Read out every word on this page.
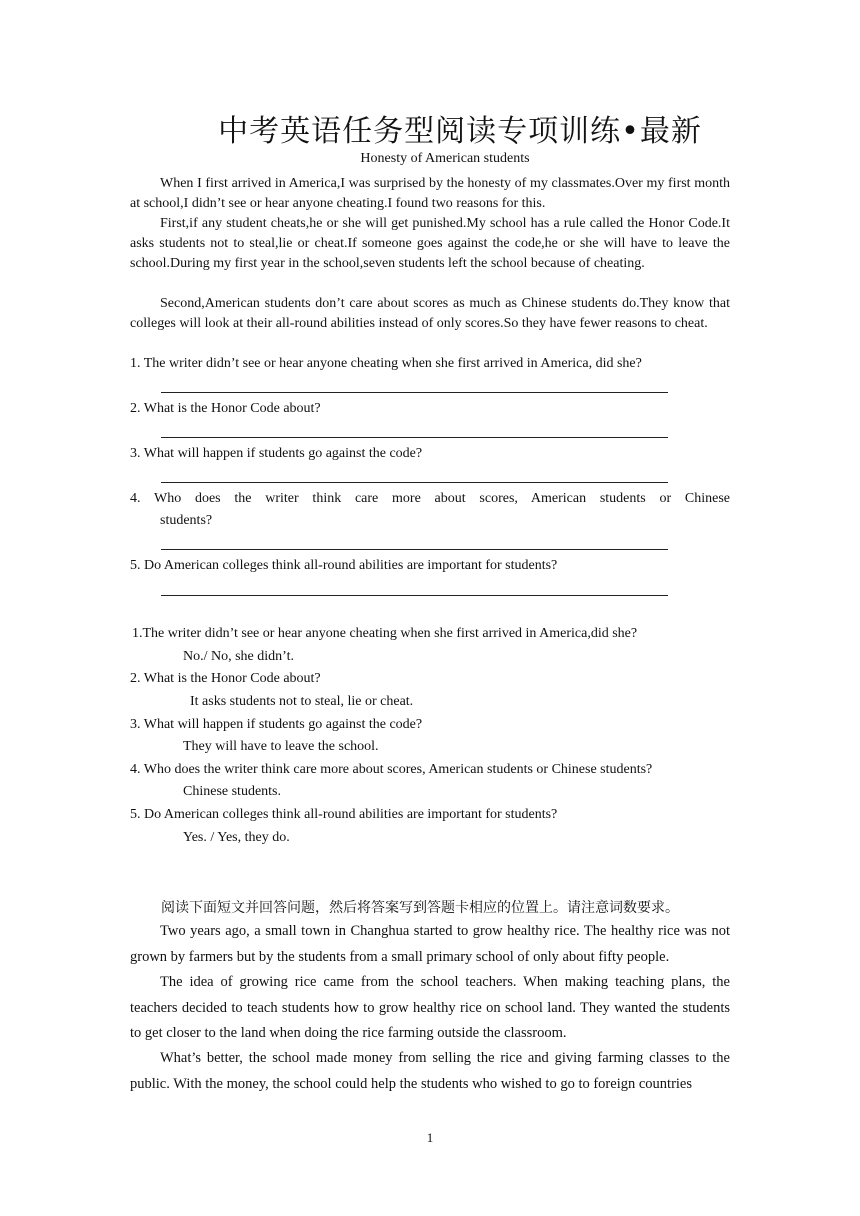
中考英语任务型阅读专项训练•最新
Honesty of American students
When I first arrived in America,I was surprised by the honesty of my classmates.Over my first month at school,I didn’t see or hear anyone cheating.I found two reasons for this.
First,if any student cheats,he or she will get punished.My school has a rule called the Honor Code.It asks students not to steal,lie or cheat.If someone goes against the code,he or she will have to leave the school.During my first year in the school,seven students left the school because of cheating.
Second,American students don’t care about scores as much as Chinese students do.They know that colleges will look at their all-round abilities instead of only scores.So they have fewer reasons to cheat.
1. The writer didn’t see or hear anyone cheating when she first arrived in America, did she?
2. What is the Honor Code about?
3. What will happen if students go against the code?
4. Who does the writer think care more about scores, American students or Chinese
students?
5. Do American colleges think all-round abilities are important for students?
1.The writer didn’t see or hear anyone cheating when she first arrived in America,did she?
No./ No, she didn’t.
2. What is the Honor Code about?
It asks students not to steal, lie or cheat.
3. What will happen if students go against the code?
They will have to leave the school.
4. Who does the writer think care more about scores, American students or Chinese students?
Chinese students.
5. Do American colleges think all-round abilities are important for students?
Yes. / Yes, they do.
阅读下面短文并回答问题，然后将答案写到答题卡相应的位置上。请注意词数要求。
Two years ago, a small town in Changhua started to grow healthy rice. The healthy rice was not grown by farmers but by the students from a small primary school of only about fifty people.
The idea of growing rice came from the school teachers. When making teaching plans, the teachers decided to teach students how to grow healthy rice on school land. They wanted the students to get closer to the land when doing the rice farming outside the classroom.
What’s better, the school made money from selling the rice and giving farming classes to the public. With the money, the school could help the students who wished to go to foreign countries
1
